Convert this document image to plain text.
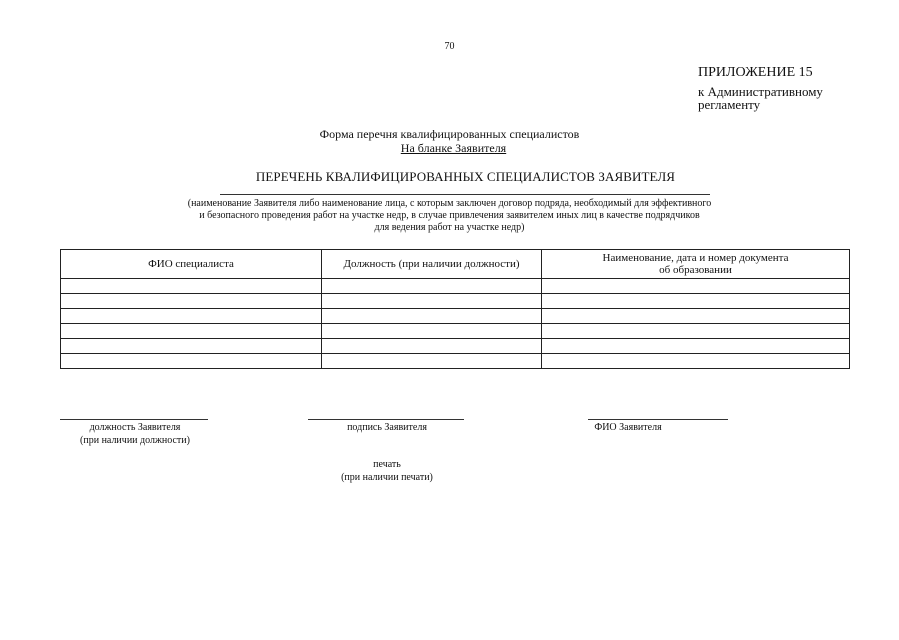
70
ПРИЛОЖЕНИЕ 15
к Административному
регламенту
Форма перечня квалифицированных специалистов
На бланке Заявителя
ПЕРЕЧЕНЬ КВАЛИФИЦИРОВАННЫХ СПЕЦИАЛИСТОВ ЗАЯВИТЕЛЯ
(наименование Заявителя либо наименование лица, с которым заключен договор подряда, необходимый для эффективного
и безопасного проведения работ на участке недр, в случае привлечения заявителем иных лиц в качестве подрядчиков
для ведения работ на участке недр)
ФИО специалиста	Должность (при наличии должности)	Наименование, дата и номер документа
об образовании

должность Заявителя
(при наличии должности)
подпись Заявителя	ФИО Заявителя
печать
(при наличии печати)
